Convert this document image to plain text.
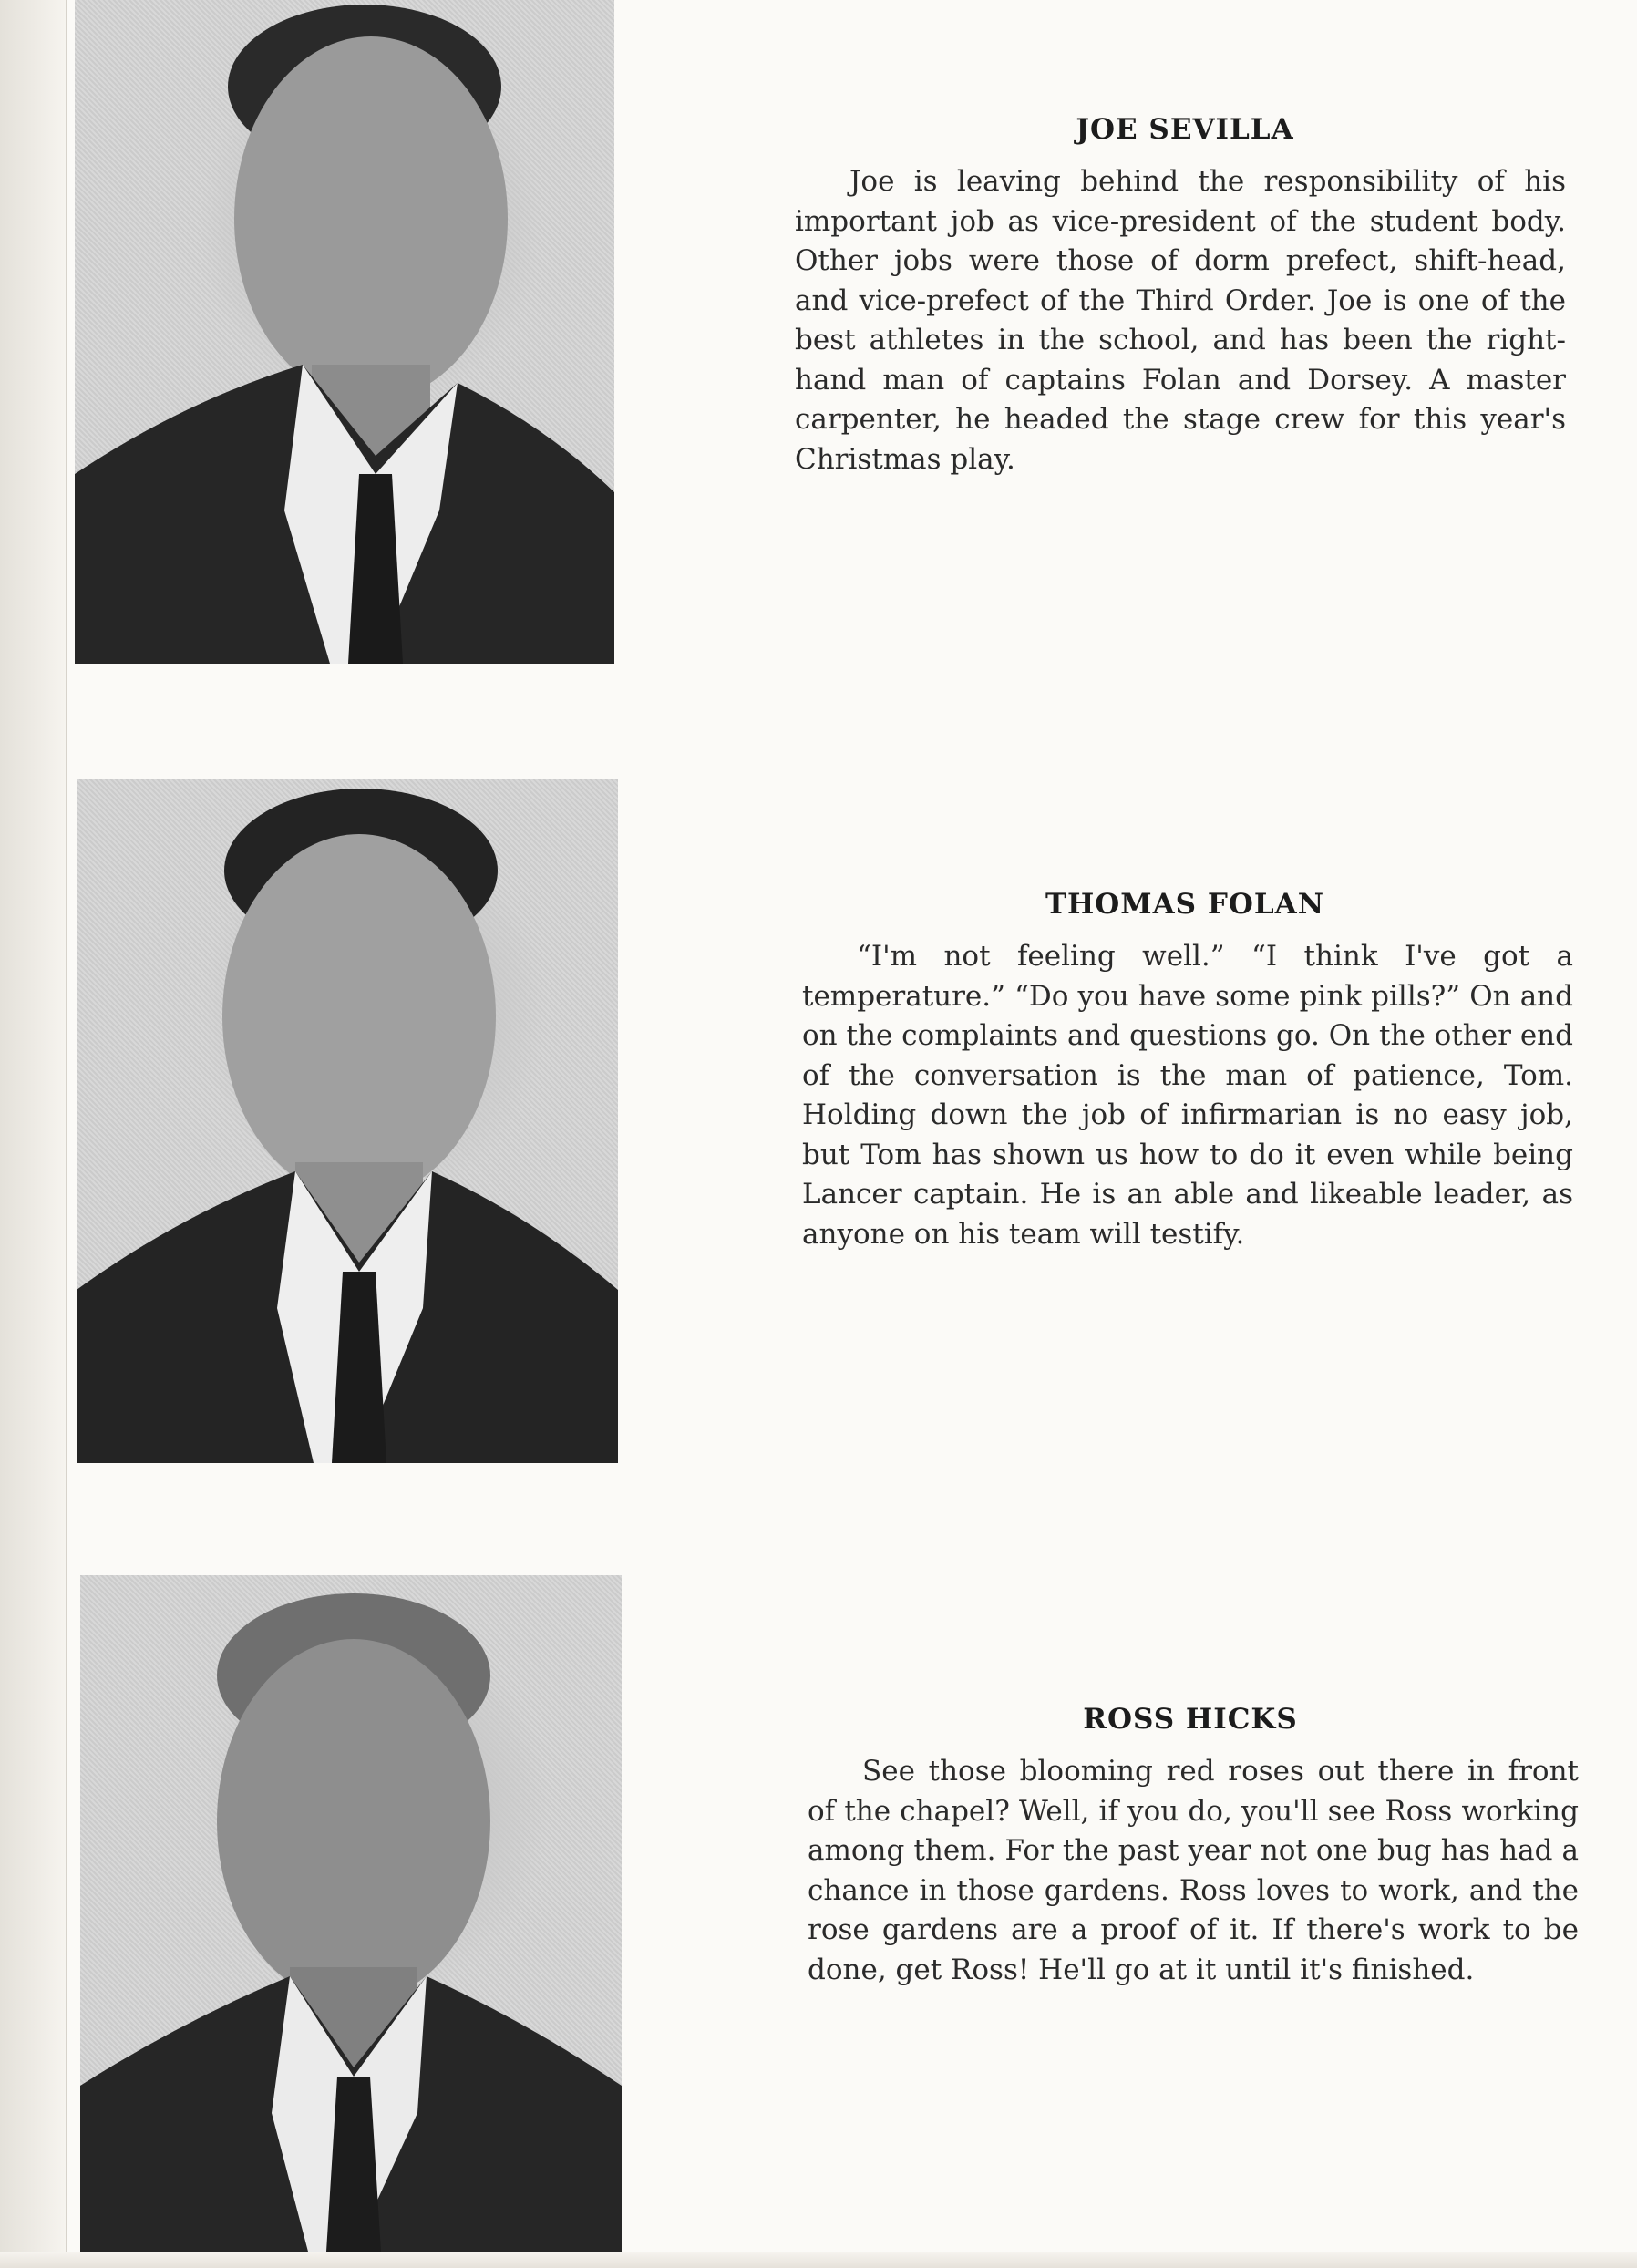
JOE SEVILLA

Joe is leaving behind the responsibility of his important job as vice-president of the student body. Other jobs were those of dorm prefect, shift-head, and vice-prefect of the Third Order. Joe is one of the best athletes in the school, and has been the right-hand man of captains Folan and Dorsey. A master carpenter, he headed the stage crew for this year's Christmas play.

THOMAS FOLAN

“I'm not feeling well.” “I think I've got a temperature.” “Do you have some pink pills?” On and on the complaints and questions go. On the other end of the conversation is the man of patience, Tom. Holding down the job of infirmarian is no easy job, but Tom has shown us how to do it even while being Lancer captain. He is an able and likeable leader, as anyone on his team will testify.

ROSS HICKS

See those blooming red roses out there in front of the chapel? Well, if you do, you'll see Ross working among them. For the past year not one bug has had a chance in those gardens. Ross loves to work, and the rose gardens are a proof of it. If there's work to be done, get Ross! He'll go at it until it's finished.
